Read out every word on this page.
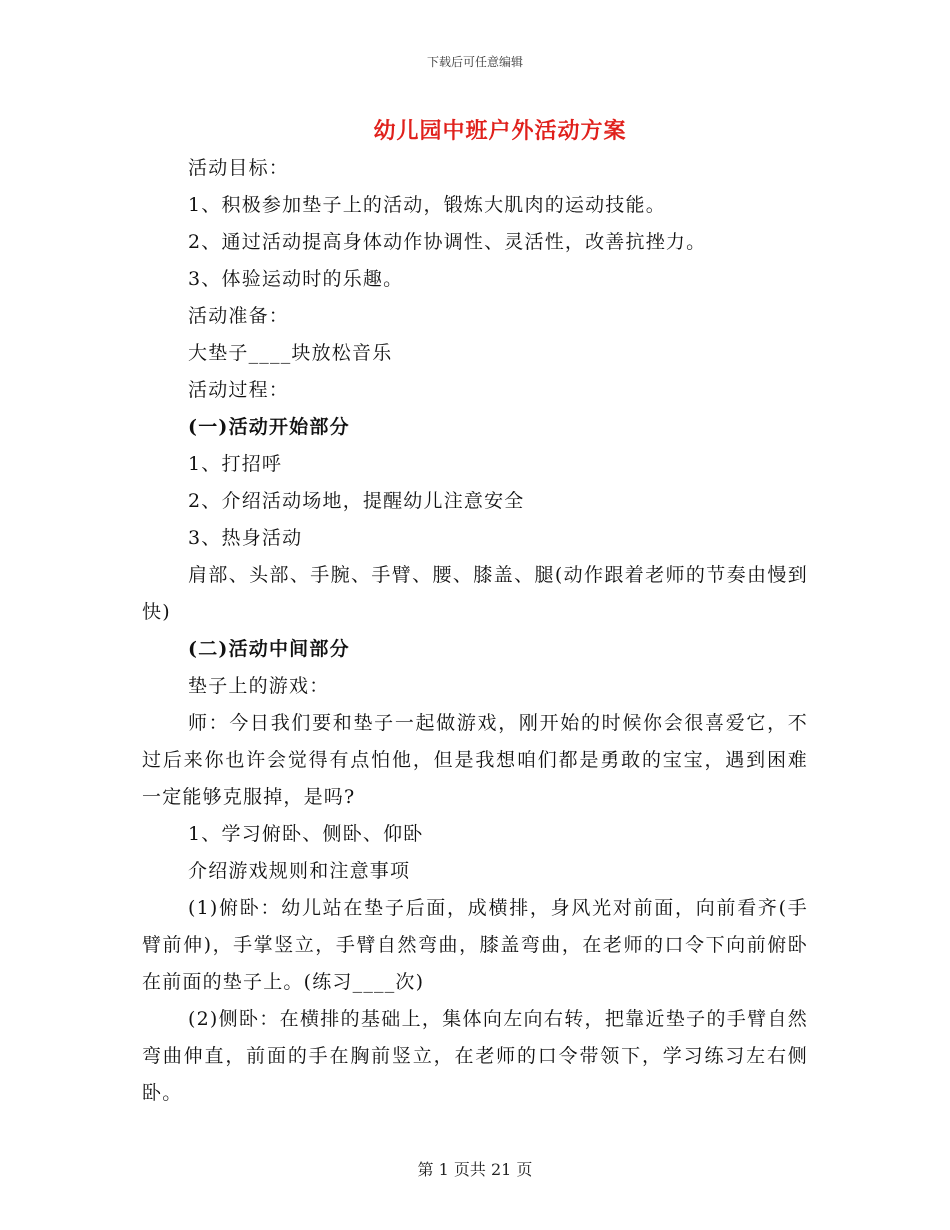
下载后可任意编辑
幼儿园中班户外活动方案

活动目标：

1、积极参加垫子上的活动，锻炼大肌肉的运动技能。

2、通过活动提高身体动作协调性、灵活性，改善抗挫力。

3、体验运动时的乐趣。

活动准备：

大垫子____块放松音乐

活动过程：

(一)活动开始部分

1、打招呼

2、介绍活动场地，提醒幼儿注意安全

3、热身活动

肩部、头部、手腕、手臂、腰、膝盖、腿(动作跟着老师的节奏由慢到快)

(二)活动中间部分

垫子上的游戏：

师：今日我们要和垫子一起做游戏，刚开始的时候你会很喜爱它，不过后来你也许会觉得有点怕他，但是我想咱们都是勇敢的宝宝，遇到困难一定能够克服掉，是吗?

1、学习俯卧、侧卧、仰卧

介绍游戏规则和注意事项

(1)俯卧：幼儿站在垫子后面，成横排，身风光对前面，向前看齐(手臂前伸)，手掌竖立，手臂自然弯曲，膝盖弯曲，在老师的口令下向前俯卧在前面的垫子上。(练习____次)

(2)侧卧：在横排的基础上，集体向左向右转，把靠近垫子的手臂自然弯曲伸直，前面的手在胸前竖立，在老师的口令带领下，学习练习左右侧卧。

第 1 页共 21 页
